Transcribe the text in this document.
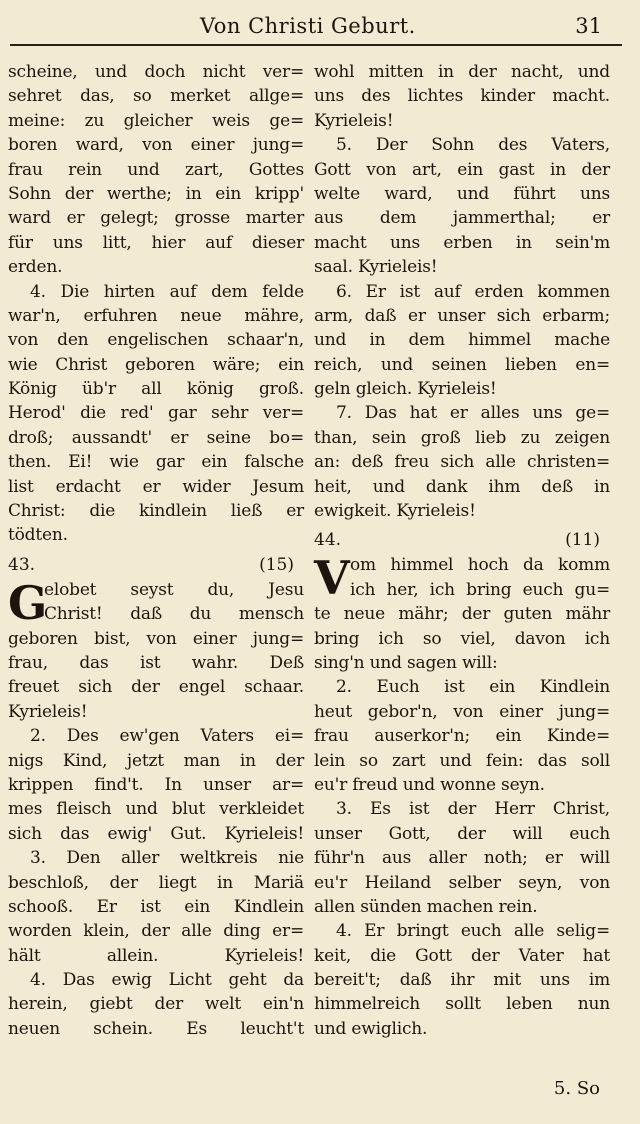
Von Christi Geburt.	31
scheine, und doch nicht ver=
sehret das, so merket allge=
meine: zu gleicher weis ge=
boren ward, von einer jung=
frau rein und zart, Gottes
Sohn der werthe; in ein kripp'
ward er gelegt; grosse marter
für uns litt, hier auf dieser
erden.
4. Die hirten auf dem felde
war'n, erfuhren neue mähre,
von den engelischen schaar'n,
wie Christ geboren wäre; ein
König üb'r all könig groß.
Herod' die red' gar sehr ver=
droß; aussandt' er seine bo=
then. Ei! wie gar ein falsche
list erdacht er wider Jesum
Christ: die kindlein ließ er
tödten.
43.	(15)
G
elobet seyst du, Jesu
Christ! daß du mensch
geboren bist, von einer jung=
frau, das ist wahr. Deß
freuet sich der engel schaar.
Kyrieleis!
2. Des ew'gen Vaters ei=
nigs Kind, jetzt man in der
krippen find't. In unser ar=
mes fleisch und blut verkleidet
sich das ewig' Gut. Kyrieleis!
3. Den aller weltkreis nie
beschloß, der liegt in Mariä
schooß. Er ist ein Kindlein
worden klein, der alle ding er=
hält allein. Kyrieleis!
4. Das ewig Licht geht da
herein, giebt der welt ein'n
neuen schein. Es leucht't
wohl mitten in der nacht, und
uns des lichtes kinder macht.
Kyrieleis!
5. Der Sohn des Vaters,
Gott von art, ein gast in der
welte ward, und führt uns
aus dem jammerthal; er
macht uns erben in sein'm
saal. Kyrieleis!
6. Er ist auf erden kommen
arm, daß er unser sich erbarm;
und in dem himmel mache
reich, und seinen lieben en=
geln gleich. Kyrieleis!
7. Das hat er alles uns ge=
than, sein groß lieb zu zeigen
an: deß freu sich alle christen=
heit, und dank ihm deß in
ewigkeit. Kyrieleis!
44.	(11)
V om himmel hoch da komm
ich her, ich bring euch gu=
te neue mähr; der guten mähr
bring ich so viel, davon ich
sing'n und sagen will:
2. Euch ist ein Kindlein
heut gebor'n, von einer jung=
frau auserkor'n; ein Kinde=
lein so zart und fein: das soll
eu'r freud und wonne seyn.
3. Es ist der Herr Christ,
unser Gott, der will euch
führ'n aus aller noth; er will
eu'r Heiland selber seyn, von
allen sünden machen rein.
4. Er bringt euch alle selig=
keit, die Gott der Vater hat
bereit't; daß ihr mit uns im
himmelreich sollt leben nun
und ewiglich.
5. So
